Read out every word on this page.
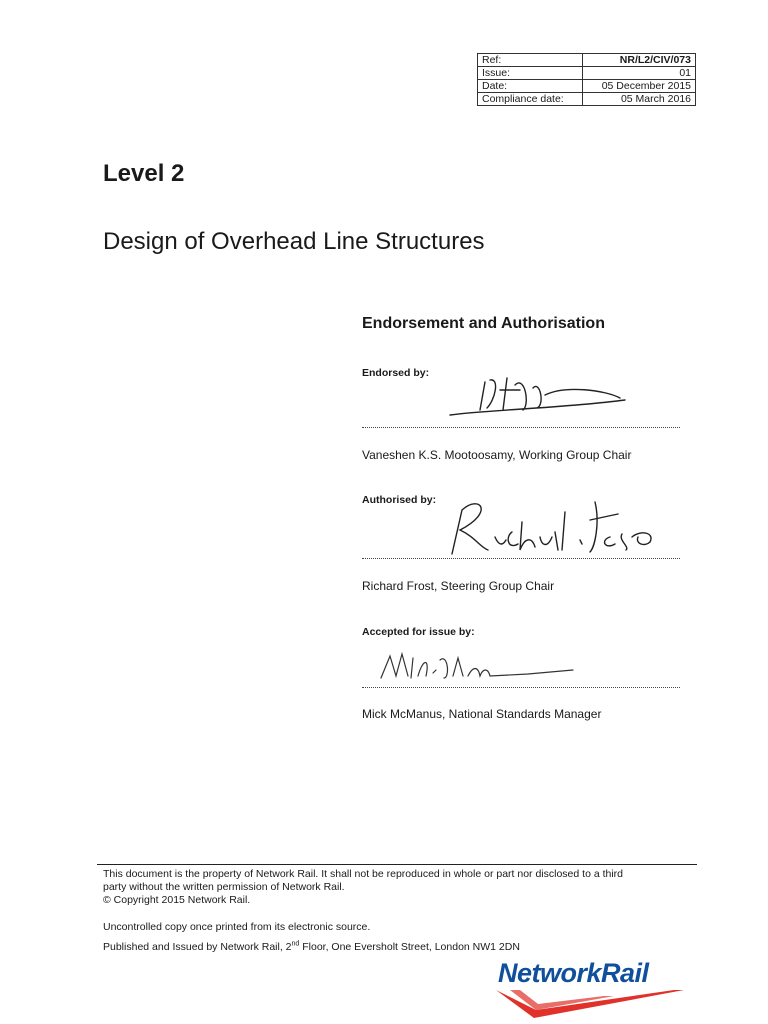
Ref:	NR/L2/CIV/073
Issue:	01
Date:	05 December 2015
Compliance date:	05 March 2016
Level 2
Design of Overhead Line Structures
Endorsement and Authorisation
Endorsed by:
Vaneshen K.S. Mootoosamy, Working Group Chair
Authorised by:
Richard Frost, Steering Group Chair
Accepted for issue by:
Mick McManus, National Standards Manager

This document is the property of Network Rail. It shall not be reproduced in whole or part nor disclosed to a third

party without the written permission of Network Rail.

© Copyright 2015 Network Rail.

Uncontrolled copy once printed from its electronic source.
Published and Issued by Network Rail, 2nd Floor, One Eversholt Street, London NW1 2DN
NetworkRail
